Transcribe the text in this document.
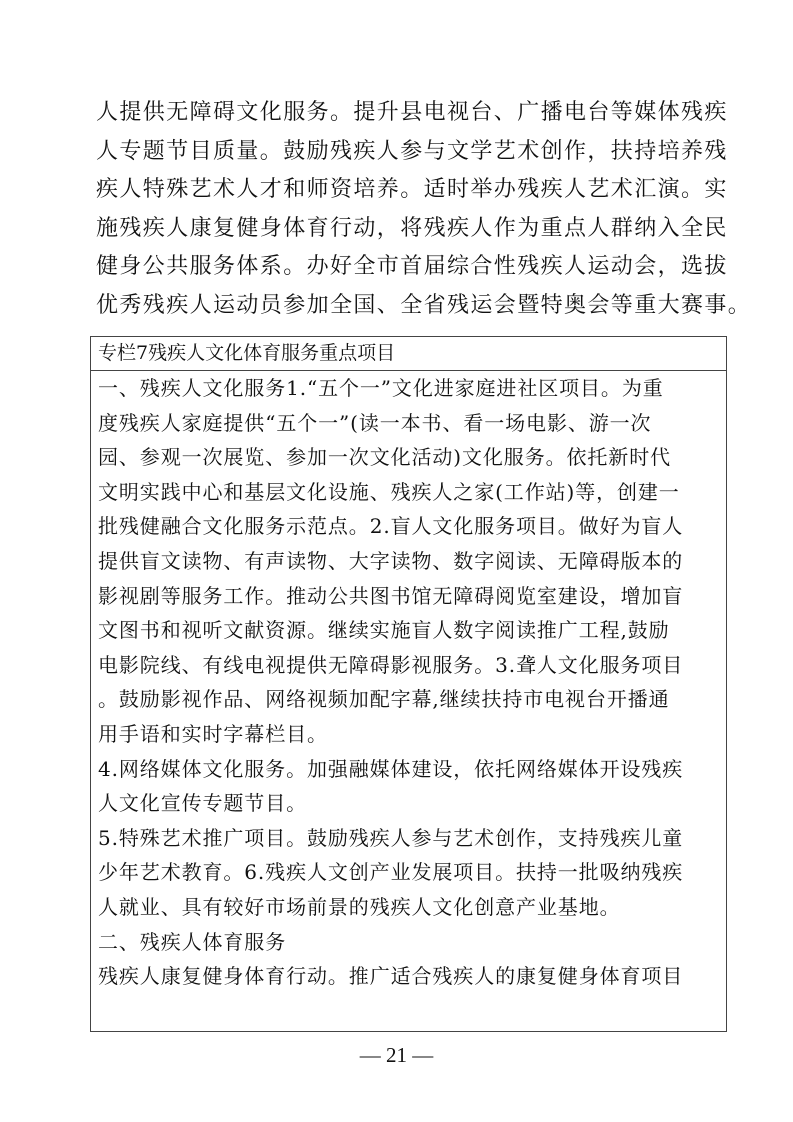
人提供无障碍文化服务。提升县电视台、广播电台等媒体残疾

人专题节目质量。鼓励残疾人参与文学艺术创作，扶持培养残

疾人特殊艺术人才和师资培养。适时举办残疾人艺术汇演。实

施残疾人康复健身体育行动，将残疾人作为重点人群纳入全民

健身公共服务体系。办好全市首届综合性残疾人运动会，选拔

优秀残疾人运动员参加全国、全省残运会暨特奥会等重大赛事。

专栏7残疾人文化体育服务重点项目

一、残疾人文化服务1.“五个一”文化进家庭进社区项目。为重

度残疾人家庭提供“五个一”(读一本书、看一场电影、游一次

园、参观一次展览、参加一次文化活动)文化服务。依托新时代

文明实践中心和基层文化设施、残疾人之家(工作站)等，创建一

批残健融合文化服务示范点。2.盲人文化服务项目。做好为盲人

提供盲文读物、有声读物、大字读物、数字阅读、无障碍版本的

影视剧等服务工作。推动公共图书馆无障碍阅览室建设，增加盲

文图书和视听文献资源。继续实施盲人数字阅读推广工程,鼓励

电影院线、有线电视提供无障碍影视服务。3.聋人文化服务项目

。鼓励影视作品、网络视频加配字幕,继续扶持市电视台开播通

用手语和实时字幕栏目。

4.网络媒体文化服务。加强融媒体建设，依托网络媒体开设残疾

人文化宣传专题节目。

5.特殊艺术推广项目。鼓励残疾人参与艺术创作，支持残疾儿童

少年艺术教育。6.残疾人文创产业发展项目。扶持一批吸纳残疾

人就业、具有较好市场前景的残疾人文化创意产业基地。

二、残疾人体育服务

残疾人康复健身体育行动。推广适合残疾人的康复健身体育项目

— 21 —
